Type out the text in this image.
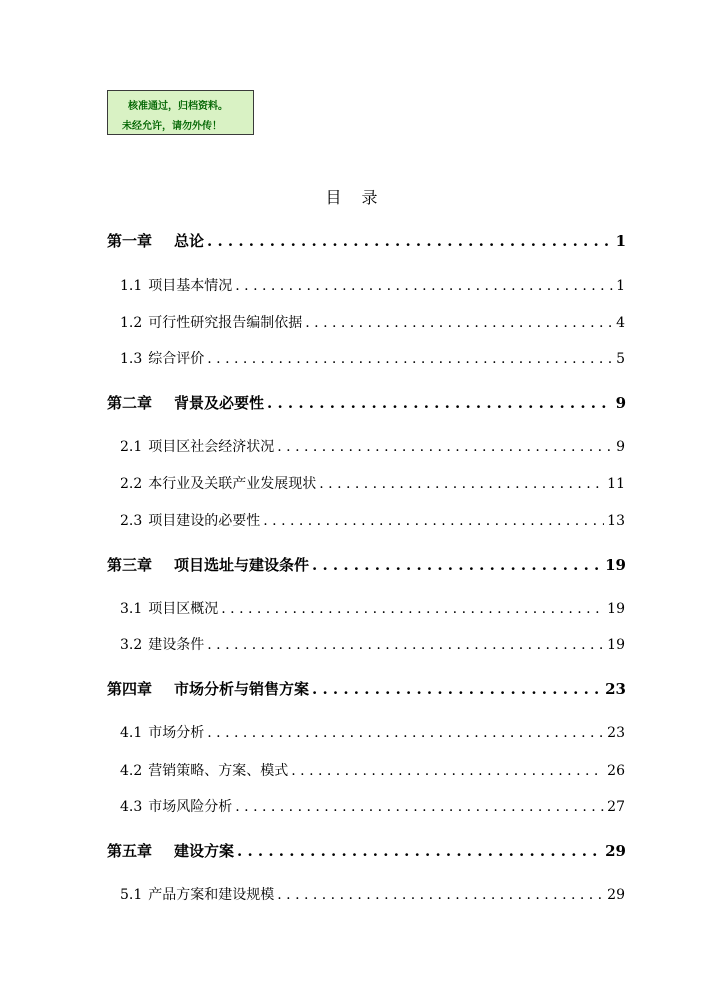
核准通过，归档资料。
未经允许，请勿外传！
目 录
第一章 总论 . . .	1
1.1 项目基本情况 . . .	1
1.2 可行性研究报告编制依据 . . .	4
1.3 综合评价 . . .	5
第二章 背景及必要性 . . .	9
2.1 项目区社会经济状况 . . .	9
2.2 本行业及关联产业发展现状 . . .	11
2.3 项目建设的必要性 . . .	13
第三章 项目选址与建设条件 . . .	19
3.1 项目区概况 . . .	19
3.2 建设条件 . . .	19
第四章 市场分析与销售方案 . . .	23
4.1 市场分析 . . .	23
4.2 营销策略、方案、模式 . . .	26
4.3 市场风险分析 . . .	27
第五章 建设方案 . . .	29
5.1 产品方案和建设规模 . . .	29
